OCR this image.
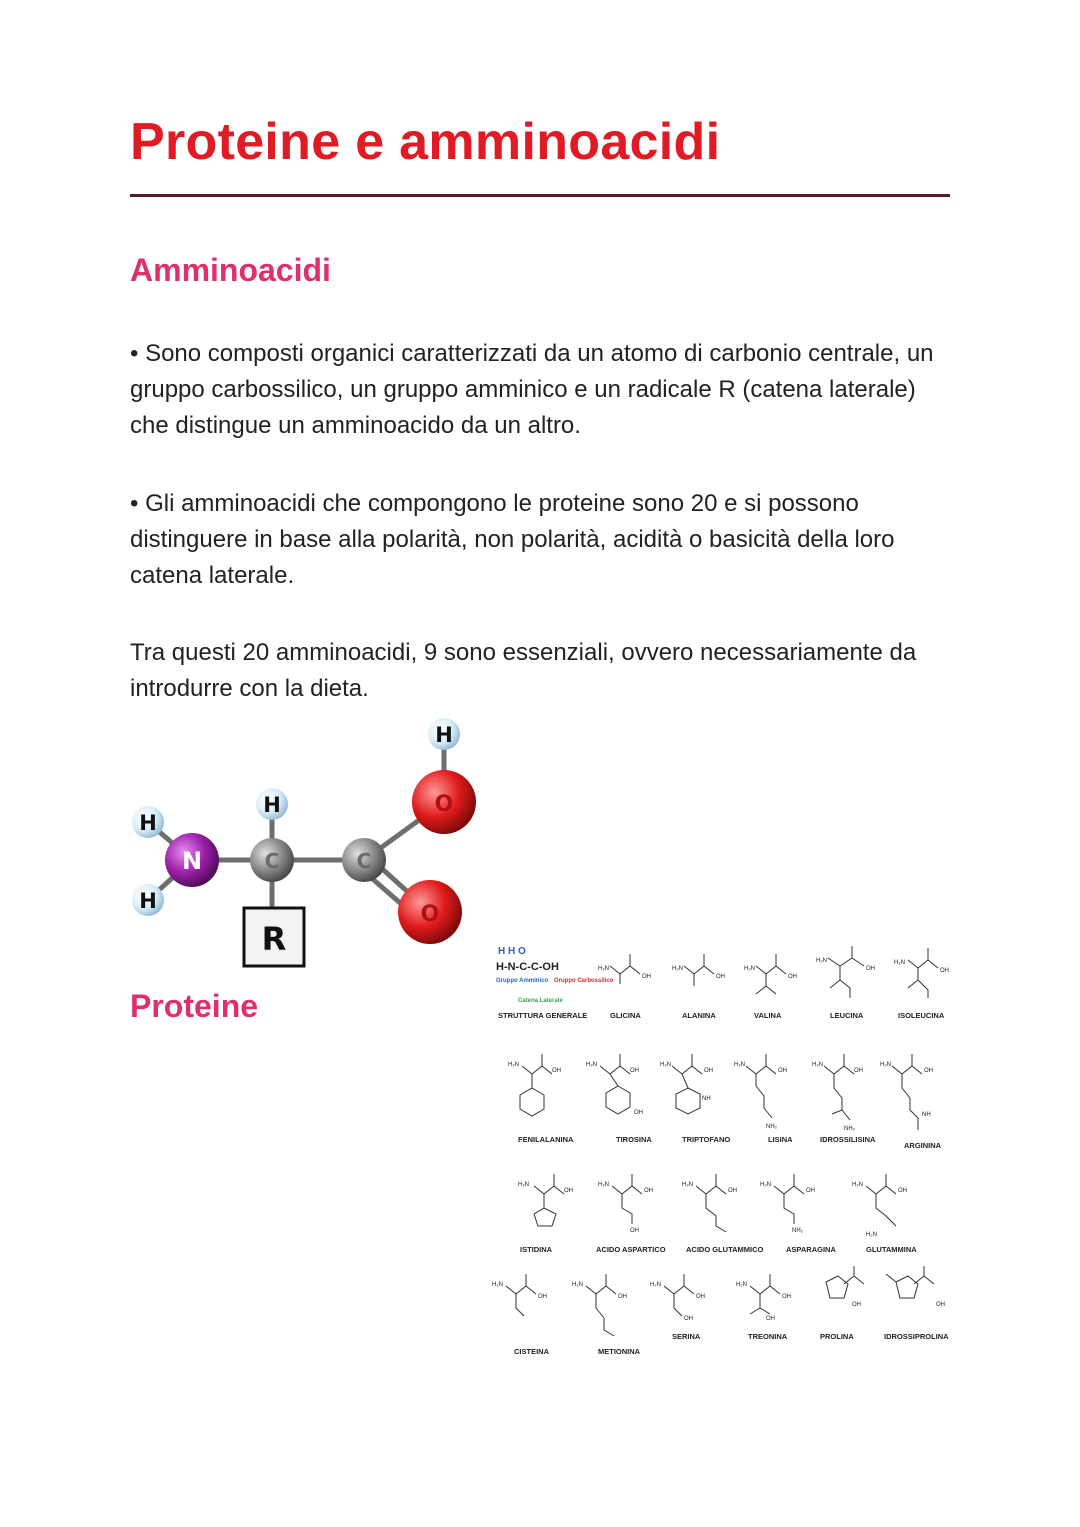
Proteine e amminoacidi
Amminoacidi

• Sono composti organici caratterizzati da un atomo di carbonio centrale, un gruppo carbossilico, un gruppo amminico e un radicale R (catena laterale) che distingue un amminoacido da un altro.

• Gli amminoacidi che compongono le proteine sono 20 e si possono distinguere in base alla polarità, non polarità, acidità o basicità della loro catena laterale.

Tra questi 20 amminoacidi, 9 sono essenziali, ovvero necessariamente da introdurre con la dieta.

H
H
H
H
N	C	C
O
O
R
Proteine
H H O
H-N-C-C-OH
Gruppo Amminico Gruppo Carbossilico
Catena Laterale
H₂N
OH
H₂N
OH
H₂N
OH
H₂N
OH
H₂N
OH
H₂N
OH
H₂N
OH
OH
H₂N
OH
NH
H₂N
OH
NH₂
H₂N
OH
NH₂
H₂N
OH
NH
H₂N
OH
H₂N
OH
OH
H₂N
OH
H₂N
OH
NH₂
H₂N
OH
H₂N
H₂N
OH
H₂N
OH
H₂N
OH
OH
H₂N
OH
OH
OH	OH
STRUTTURA GENERALE	GLICINA	ALANINA	VALINA	LEUCINA	ISOLEUCINA
FENILALANINA	TIROSINA	TRIPTOFANO	LISINA	IDROSSILISINA
ARGININA
ISTIDINA	ACIDO ASPARTICO	ACIDO GLUTAMMICO	ASPARAGINA	GLUTAMMINA
CISTEINA	METIONINA
SERINA	TREONINA	PROLINA	IDROSSIPROLINA
